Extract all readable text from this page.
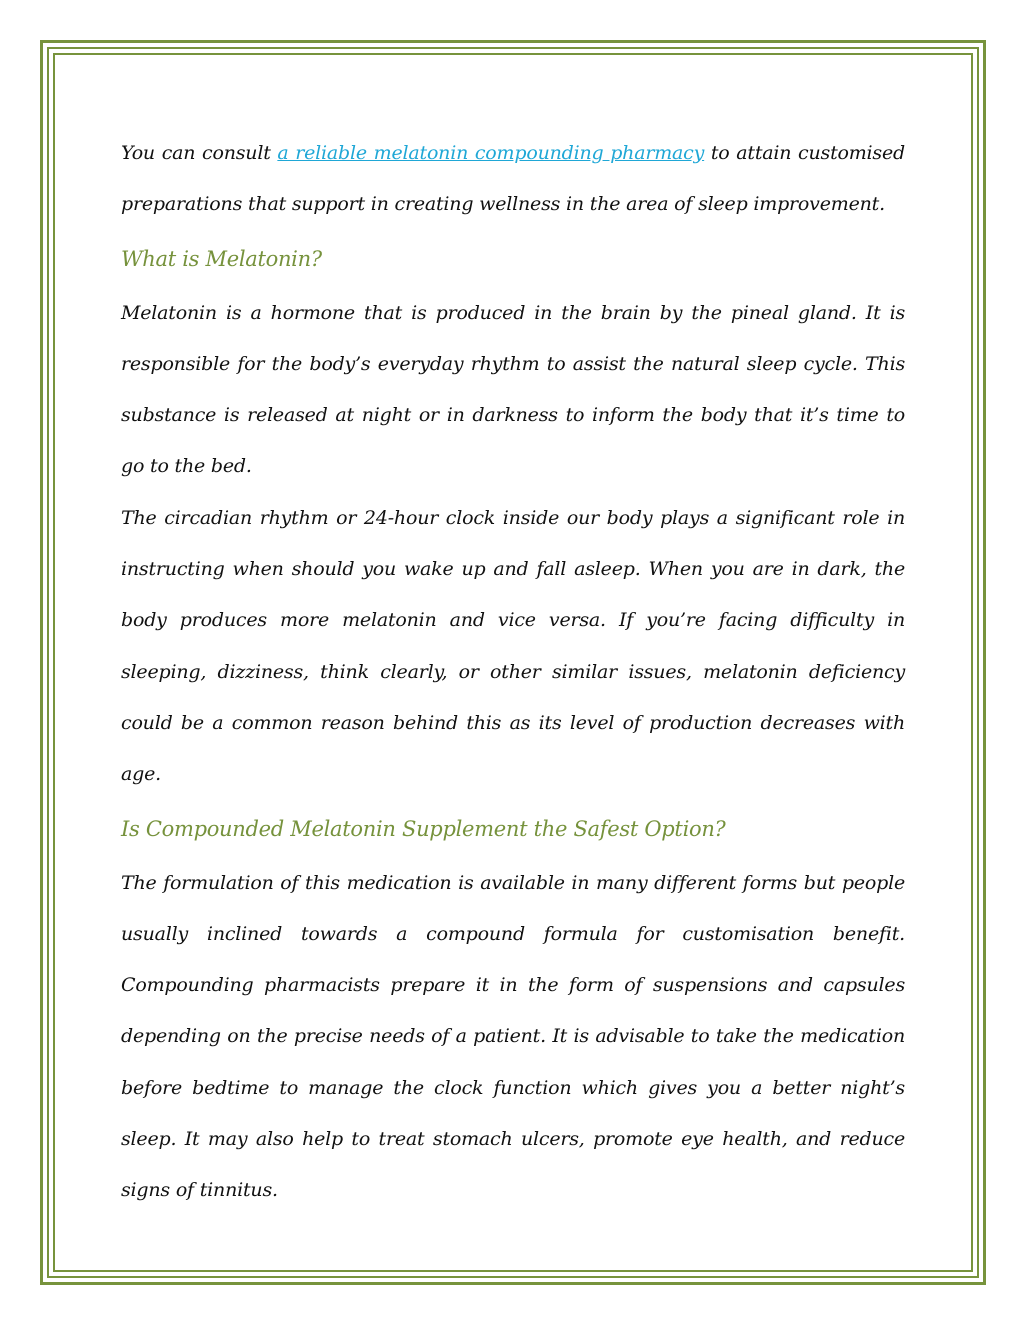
You can consult a reliable melatonin compounding pharmacy to attain customised preparations that support in creating wellness in the area of sleep improvement.

What is Melatonin?

Melatonin is a hormone that is produced in the brain by the pineal gland. It is responsible for the body’s everyday rhythm to assist the natural sleep cycle. This substance is released at night or in darkness to inform the body that it’s time to go to the bed.

The circadian rhythm or 24-hour clock inside our body plays a significant role in instructing when should you wake up and fall asleep. When you are in dark, the body produces more melatonin and vice versa. If you’re facing difficulty in sleeping, dizziness, think clearly, or other similar issues, melatonin deficiency could be a common reason behind this as its level of production decreases with age.

Is Compounded Melatonin Supplement the Safest Option?

The formulation of this medication is available in many different forms but people usually inclined towards a compound formula for customisation benefit. Compounding pharmacists prepare it in the form of suspensions and capsules depending on the precise needs of a patient. It is advisable to take the medication before bedtime to manage the clock function which gives you a better night’s sleep. It may also help to treat stomach ulcers, promote eye health, and reduce signs of tinnitus.
